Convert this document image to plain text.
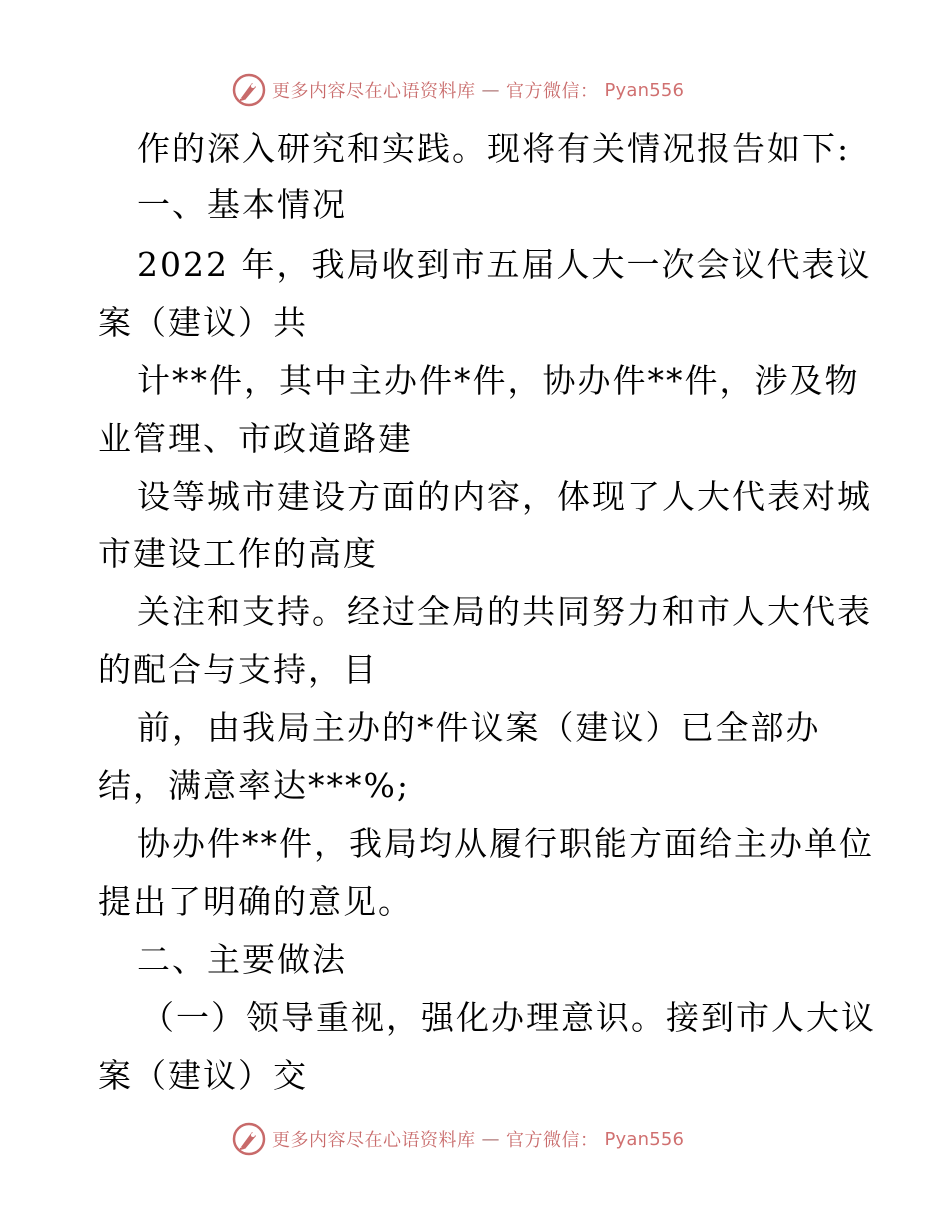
更多内容尽在心语资料库 — 官方微信： Pyan556
作的深入研究和实践。现将有关情况报告如下:
一、基本情况
2022 年，我局收到市五届人大一次会议代表议
案（建议）共
计**件，其中主办件*件，协办件**件，涉及物
业管理、市政道路建
设等城市建设方面的内容，体现了人大代表对城
市建设工作的高度
关注和支持。经过全局的共同努力和市人大代表
的配合与支持，目
前，由我局主办的*件议案（建议）已全部办
结，满意率达***%;
协办件**件，我局均从履行职能方面给主办单位
提出了明确的意见。
二、主要做法
（一）领导重视，强化办理意识。接到市人大议
案（建议）交
更多内容尽在心语资料库 — 官方微信： Pyan556
